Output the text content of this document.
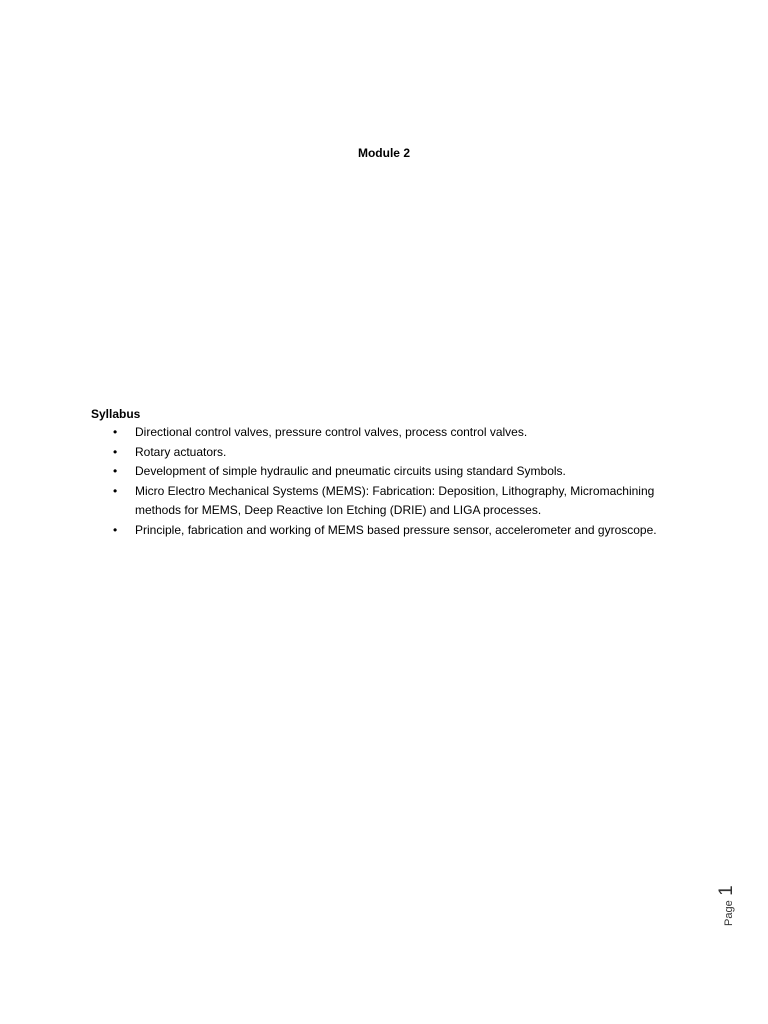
Module 2
Syllabus
• Directional control valves, pressure control valves, process control valves.
• Rotary actuators.
• Development of simple hydraulic and pneumatic circuits using standard Symbols.
• Micro Electro Mechanical Systems (MEMS): Fabrication: Deposition, Lithography, Micromachining methods for MEMS, Deep Reactive Ion Etching (DRIE) and LIGA processes.
• Principle, fabrication and working of MEMS based pressure sensor, accelerometer and gyroscope.
Page 1
